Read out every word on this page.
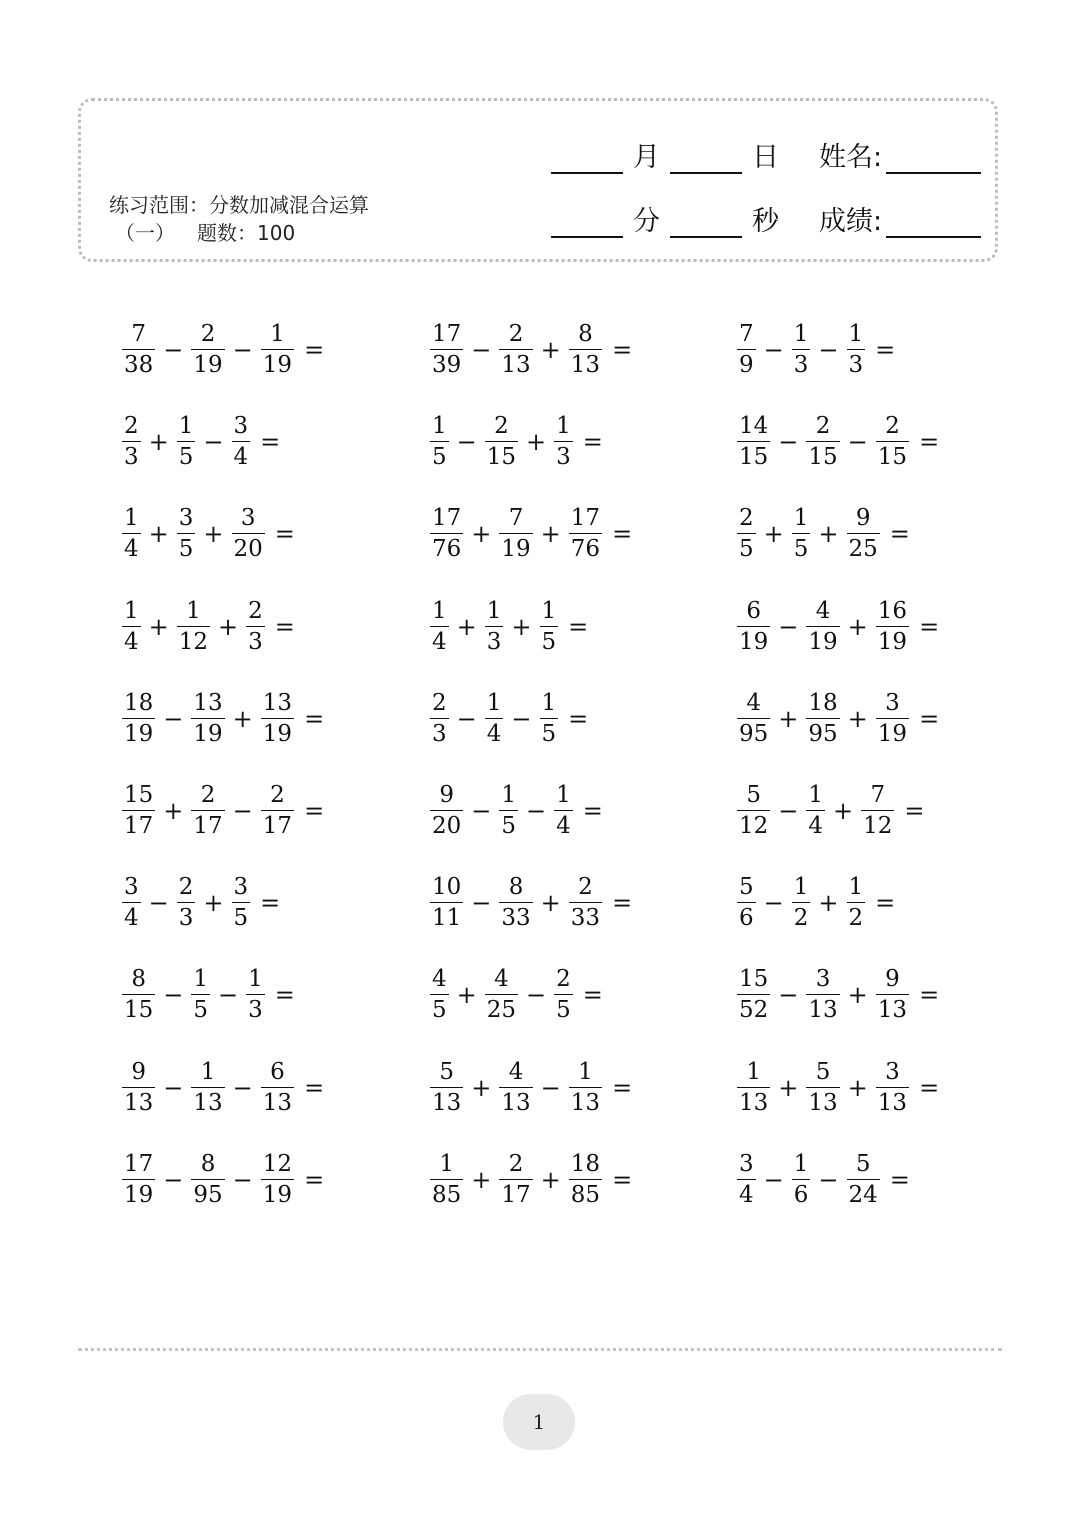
练习范围：分数加减混合运算
（一） 题数：100
月	日 姓名:
分	秒 成绩:
$\frac{7}{38} - \frac{2}{19} - \frac{1}{19}$ =	$\frac{17}{39} - \frac{2}{13} + \frac{8}{13}$ =	$\frac{7}{9} - \frac{1}{3} - \frac{1}{3}$ =
$\frac{2}{3} + \frac{1}{5} - \frac{3}{4}$ =	$\frac{1}{5} - \frac{2}{15} + \frac{1}{3}$ =	$\frac{14}{15} - \frac{2}{15} - \frac{2}{15}$ =
$\frac{1}{4} + \frac{3}{5} + \frac{3}{20}$ =	$\frac{17}{76} + \frac{7}{19} + \frac{17}{76}$ =	$\frac{2}{5} + \frac{1}{5} + \frac{9}{25}$ =
$\frac{1}{4} + \frac{1}{12} + \frac{2}{3}$ =	$\frac{1}{4} + \frac{1}{3} + \frac{1}{5}$ =	$\frac{6}{19} - \frac{4}{19} + \frac{16}{19}$ =
$\frac{18}{19} - \frac{13}{19} + \frac{13}{19}$ =	$\frac{2}{3} - \frac{1}{4} - \frac{1}{5}$ =	$\frac{4}{95} + \frac{18}{95} + \frac{3}{19}$ =
$\frac{15}{17} + \frac{2}{17} - \frac{2}{17}$ =	$\frac{9}{20} - \frac{1}{5} - \frac{1}{4}$ =	$\frac{5}{12} - \frac{1}{4} + \frac{7}{12}$ =
$\frac{3}{4} - \frac{2}{3} + \frac{3}{5}$ =	$\frac{10}{11} - \frac{8}{33} + \frac{2}{33}$ =	$\frac{5}{6} - \frac{1}{2} + \frac{1}{2}$ =
$\frac{8}{15} - \frac{1}{5} - \frac{1}{3}$ =	$\frac{4}{5} + \frac{4}{25} - \frac{2}{5}$ =	$\frac{15}{52} - \frac{3}{13} + \frac{9}{13}$ =
$\frac{9}{13} - \frac{1}{13} - \frac{6}{13}$ =	$\frac{5}{13} + \frac{4}{13} - \frac{1}{13}$ =	$\frac{1}{13} + \frac{5}{13} + \frac{3}{13}$ =
$\frac{17}{19} - \frac{8}{95} - \frac{12}{19}$ =	$\frac{1}{85} + \frac{2}{17} + \frac{18}{85}$ =	$\frac{3}{4} - \frac{1}{6} - \frac{5}{24}$ =
1
